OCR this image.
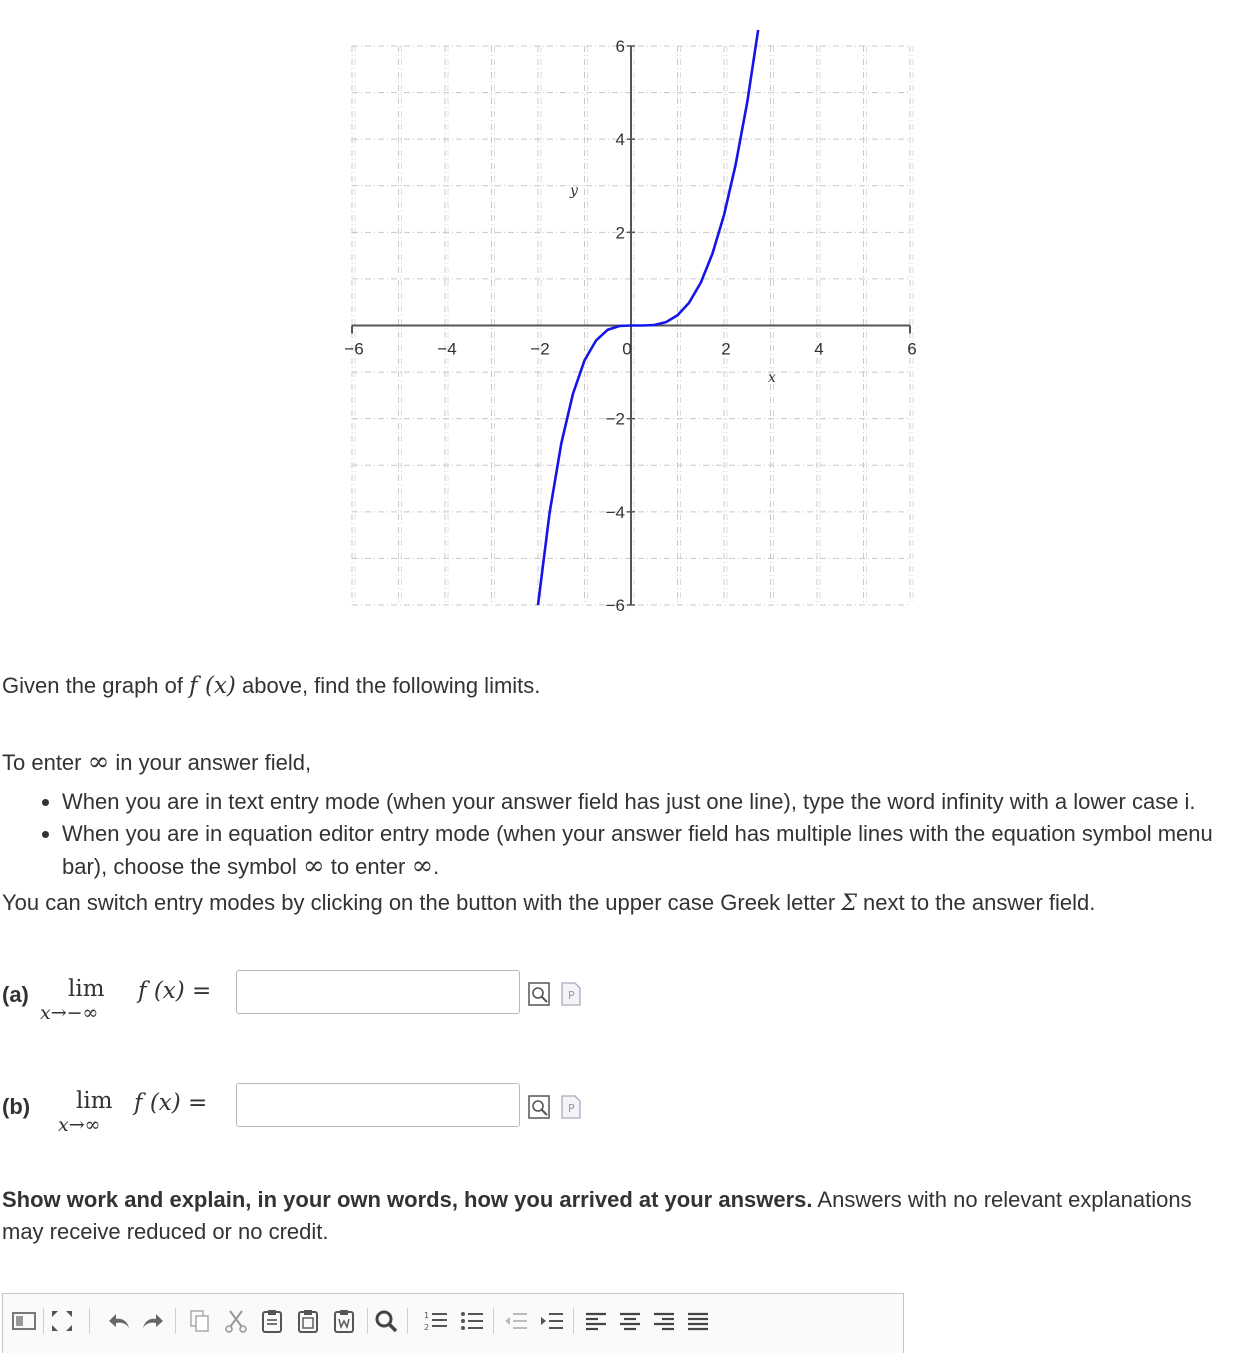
−6	−4	−2	0	2	4	6
6
4
2
−2
−4
−6
y
x
Given the graph of f (x) above, find the following limits.
To enter ∞ in your answer field,
• When you are in text entry mode (when your answer field has just one line), type the word infinity with a lower case i.
• When you are in equation editor entry mode (when your answer field has multiple lines with the equation symbol menu bar), choose the symbol ∞ to enter ∞.
You can switch entry modes by clicking on the button with the upper case Greek letter Σ next to the answer field.
(a) lim
x→−∞
f (x) =	P
(b) lim
x→∞
f (x) =	P
Show work and explain, in your own words, how you arrived at your answers. Answers with no relevant explanations
may receive reduced or no credit.
1
2
